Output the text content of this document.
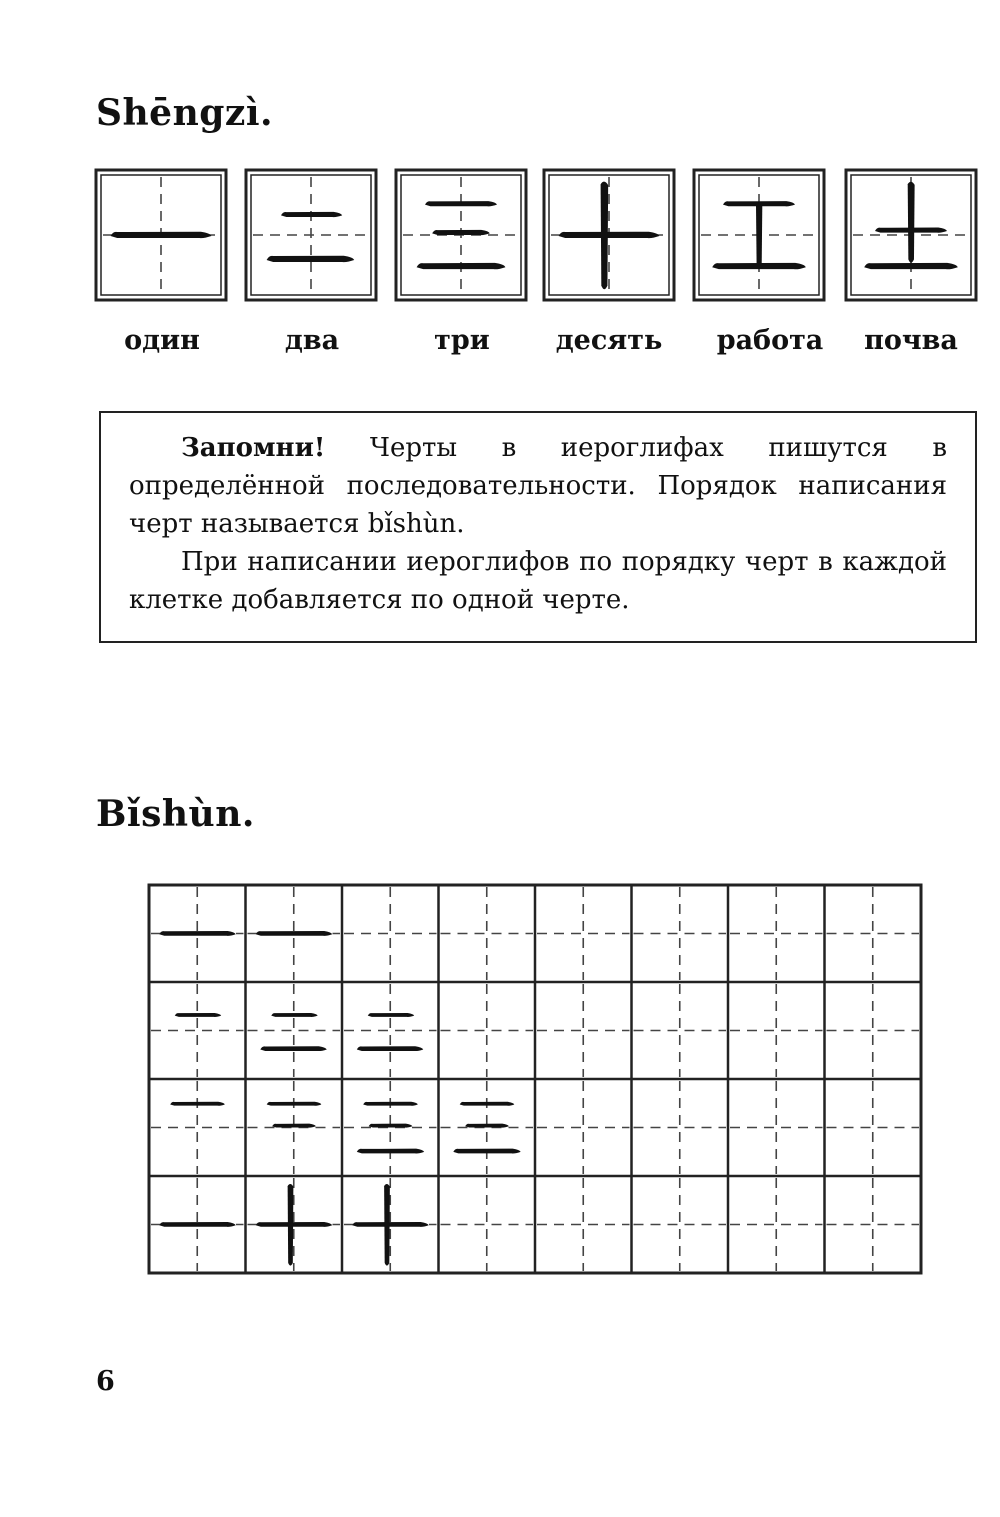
Shēngzì.
один	два	три	десять	работа	почва

Запомни! Черты в иероглифах пишутся в определённой последовательности. Порядок написания черт называется bǐshùn.

При написании иероглифов по порядку черт в каждой клетке добавляется по одной черте.

Bǐshùn.
6
